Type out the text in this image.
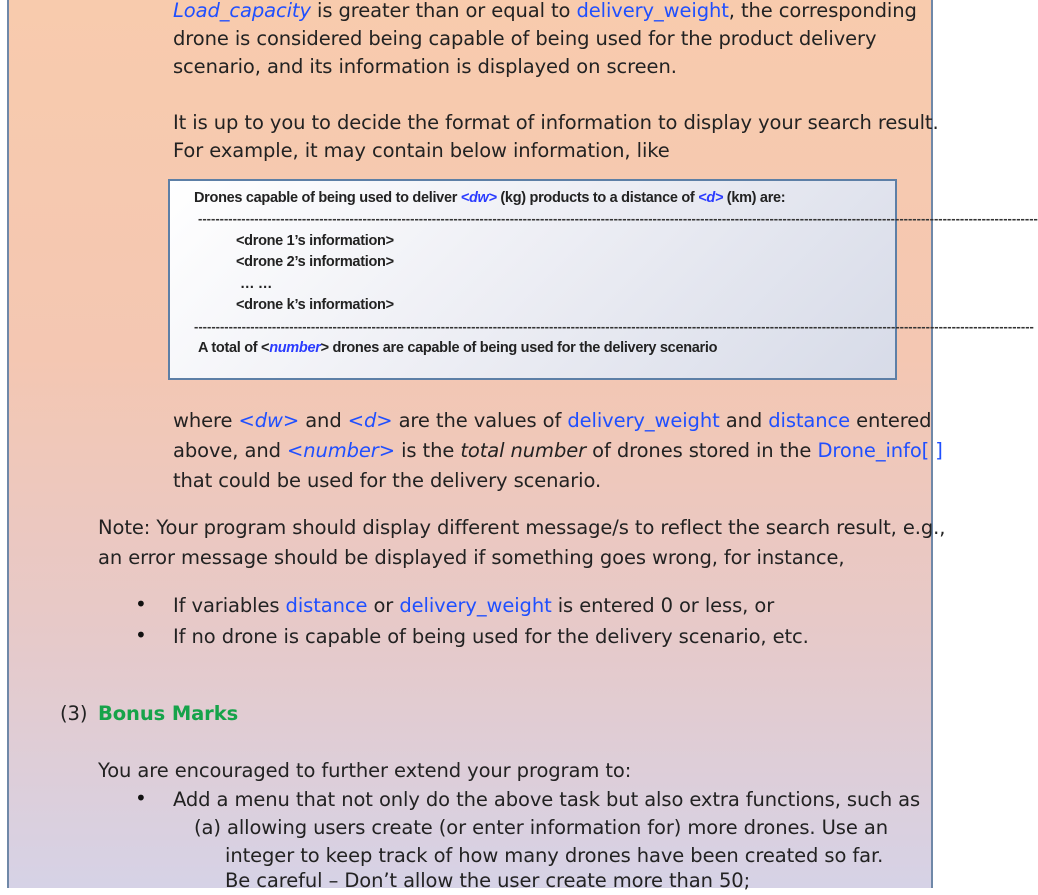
Load_capacity is greater than or equal to delivery_weight, the corresponding
drone is considered being capable of being used for the product delivery
scenario, and its information is displayed on screen.
It is up to you to decide the format of information to display your search result.
For example, it may contain below information, like
Drones capable of being used to deliver <dw> (kg) products to a distance of <d> (km) are:
--------------------------------------------------------------------------------------------------------------------------------------------------------------------------------------------------
<drone 1’s information>
<drone 2’s information>
… …
<drone k’s information>
--------------------------------------------------------------------------------------------------------------------------------------------------------------------------------------------------
A total of <number> drones are capable of being used for the delivery scenario
where <dw> and <d> are the values of delivery_weight and distance entered
above, and <number> is the total number of drones stored in the Drone_info[ ]
that could be used for the delivery scenario.
Note: Your program should display different message/s to reflect the search result, e.g.,
an error message should be displayed if something goes wrong, for instance,
• If variables distance or delivery_weight is entered 0 or less, or
• If no drone is capable of being used for the delivery scenario, etc.
(3) Bonus Marks
You are encouraged to further extend your program to:
• Add a menu that not only do the above task but also extra functions, such as
(a) allowing users create (or enter information for) more drones. Use an
integer to keep track of how many drones have been created so far.
Be careful – Don’t allow the user create more than 50;
